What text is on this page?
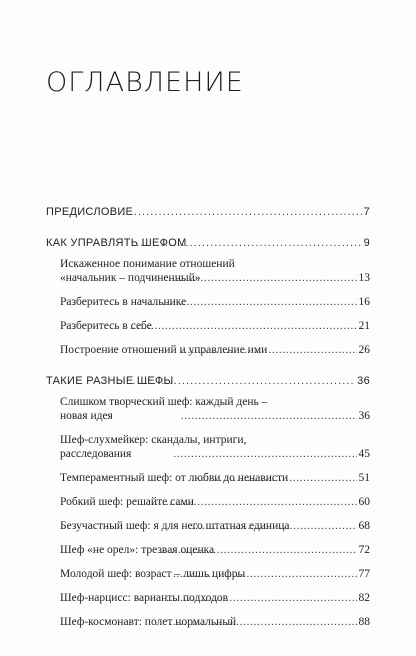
ОГЛАВЛЕНИЕ
ПРЕДИСЛОВИЕ . . .	7
КАК УПРАВЛЯТЬ ШЕФОМ . . .	9
Искаженное понимание отношений
«начальник – подчиненный» . . .	13
Разберитесь в начальнике . . .	16
Разберитесь в себе . . .	21
Построение отношений и управление ими . . .	26
ТАКИЕ РАЗНЫЕ ШЕФЫ . . .	36
Слишком творческий шеф: каждый день –
новая идея . . .	36
Шеф-слухмейкер: скандалы, интриги,
расследования . . .	45
Темпераментный шеф: от любви до ненависти . . .	51
Робкий шеф: решайте сами . . .	60
Безучастный шеф: я для него штатная единица . . .	68
Шеф «не орел»: трезвая оценка . . .	72
Молодой шеф: возраст – лишь цифры . . .	77
Шеф-нарцисс: варианты подходов . . .	82
Шеф-космонавт: полет нормальный . . .	88
